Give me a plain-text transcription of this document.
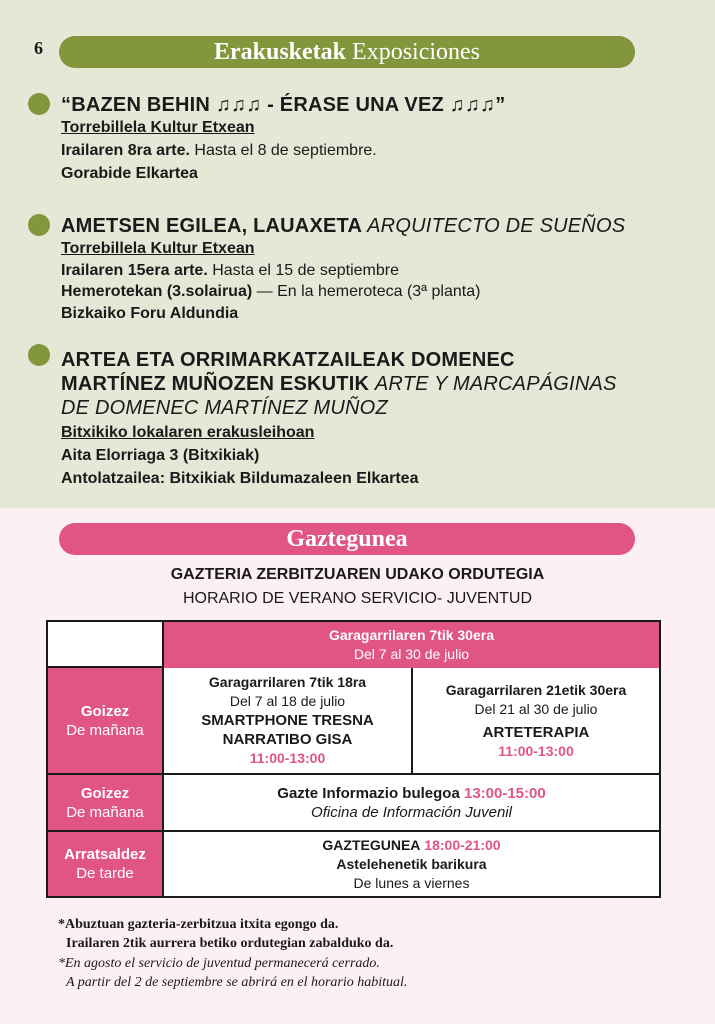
6	Erakusketak Exposiciones
“BAZEN BEHIN ♫♫♫ - ÉRASE UNA VEZ ♫♫♫”
Torrebillela Kultur Etxean
Irailaren 8ra arte. Hasta el 8 de septiembre.
Gorabide Elkartea
AMETSEN EGILEA, LAUAXETA ARQUITECTO DE SUEÑOS
Torrebillela Kultur Etxean
Irailaren 15era arte. Hasta el 15 de septiembre
Hemerotekan (3.solairua) — En la hemeroteca (3ª planta)
Bizkaiko Foru Aldundia
ARTEA ETA ORRIMARKATZAILEAK DOMENEC
MARTÍNEZ MUÑOZEN ESKUTIK ARTE Y MARCAPÁGINAS
DE DOMENEC MARTÍNEZ MUÑOZ
Bitxikiko lokalaren erakusleihoan
Aita Elorriaga 3 (Bitxikiak)
Antolatzailea: Bitxikiak Bildumazaleen Elkartea
Gaztegunea
GAZTERIA ZERBITZUAREN UDAKO ORDUTEGIA
HORARIO DE VERANO SERVICIO- JUVENTUD
Garagarrilaren 7tik 30era
Del 7 al 30 de julio
Goizez
De mañana
Garagarrilaren 7tik 18ra
Del 7 al 18 de julio
SMARTPHONE TRESNA
NARRATIBO GISA
11:00-13:00
Garagarrilaren 21etik 30era
Del 21 al 30 de julio
ARTETERAPIA
11:00-13:00
Goizez
De mañana
Gazte Informazio bulegoa 13:00-15:00
Oficina de Información Juvenil
Arratsaldez
De tarde
GAZTEGUNEA 18:00-21:00
Astelehenetik barikura
De lunes a viernes
*Abuztuan gazteria-zerbitzua itxita egongo da.
Irailaren 2tik aurrera betiko ordutegian zabalduko da.
*En agosto el servicio de juventud permanecerá cerrado.
A partir del 2 de septiembre se abrirá en el horario habitual.
